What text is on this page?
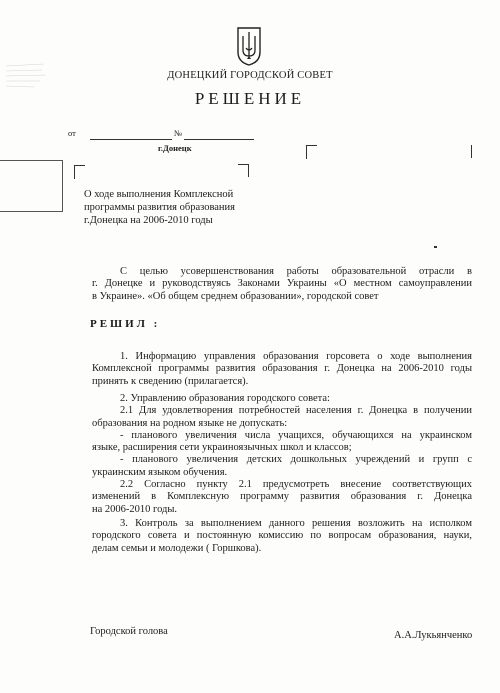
ДОНЕЦКИЙ ГОРОДСКОЙ СОВЕТ
РЕШЕНИЕ
от	№
г.Донецк
О ходе выполнения Комплексной
программы развития образования
г.Донецка на 2006-2010 годы
С целью усовершенствования работы образовательной отрасли в
г. Донецке и руководствуясь Законами Украины «О местном самоуправлении
в Украине». «Об общем среднем образовании», городской совет
РЕШИЛ :
1. Информацию управления образования горсовета о ходе выполнения
Комплексной программы развития образования г. Донецка на 2006-2010 годы
принять к сведению (прилагается).
2. Управлению образования городского совета:
2.1 Для удовлетворения потребностей населения г. Донецка в получении
образования на родном языке не допускать:
- планового увеличения числа учащихся, обучающихся на украинском
языке, расширения сети украиноязычных школ и классов;
- планового увеличения детских дошкольных учреждений и групп с
украинским языком обучения.
2.2 Согласно пункту 2.1 предусмотреть внесение соответствующих
изменений в Комплексную программу развития образования г. Донецка
на 2006-2010 годы.
3. Контроль за выполнением данного решения возложить на исполком
городского совета и постоянную комиссию по вопросам образования, науки,
делам семьи и молодежи ( Горшкова).
Городской голова	А.А.Лукьянченко
